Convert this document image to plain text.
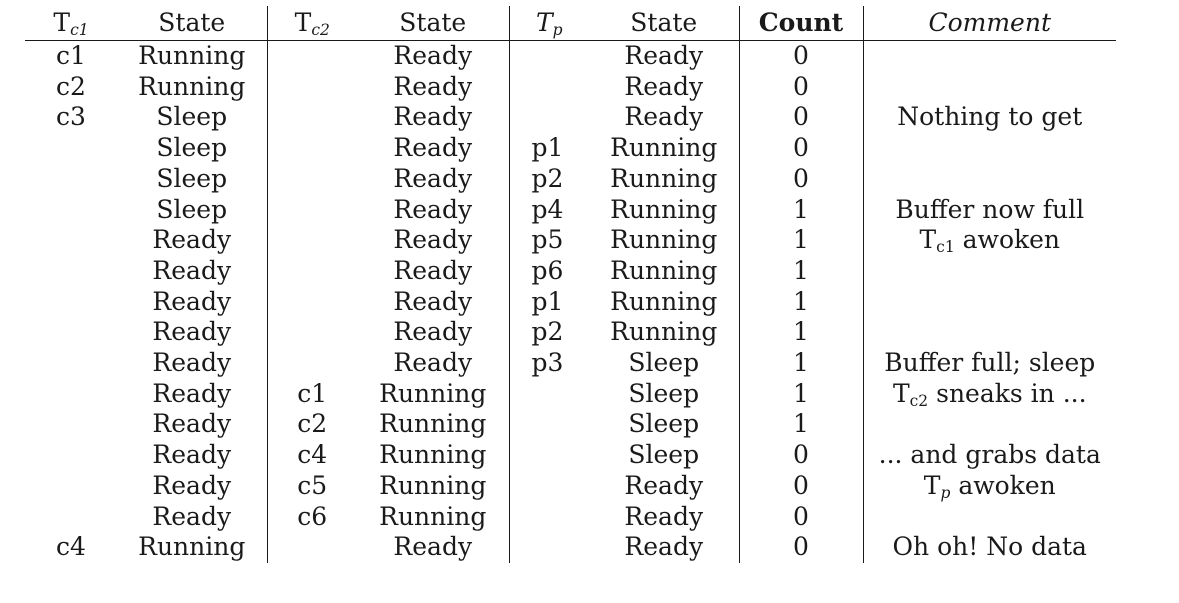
$T_{c1}$	State	$T_{c2}$	State	$T_p$	State	Count	Comment
c1	Running		Ready		Ready	0	
c2	Running		Ready		Ready	0	
c3	Sleep		Ready		Ready	0	Nothing to get
	Sleep		Ready	p1	Running	0	
	Sleep		Ready	p2	Running	0	
	Sleep		Ready	p4	Running	1	Buffer now full
	Ready		Ready	p5	Running	1	$T_{c1}$ awoken
	Ready		Ready	p6	Running	1	
	Ready		Ready	p1	Running	1	
	Ready		Ready	p2	Running	1	
	Ready		Ready	p3	Sleep	1	Buffer full; sleep
	Ready	c1	Running		Sleep	1	$T_{c2}$ sneaks in ...
	Ready	c2	Running		Sleep	1	
	Ready	c4	Running		Sleep	0	... and grabs data
	Ready	c5	Running		Ready	0	$T_p$ awoken
	Ready	c6	Running		Ready	0	
c4	Running		Ready		Ready	0	Oh oh! No data
